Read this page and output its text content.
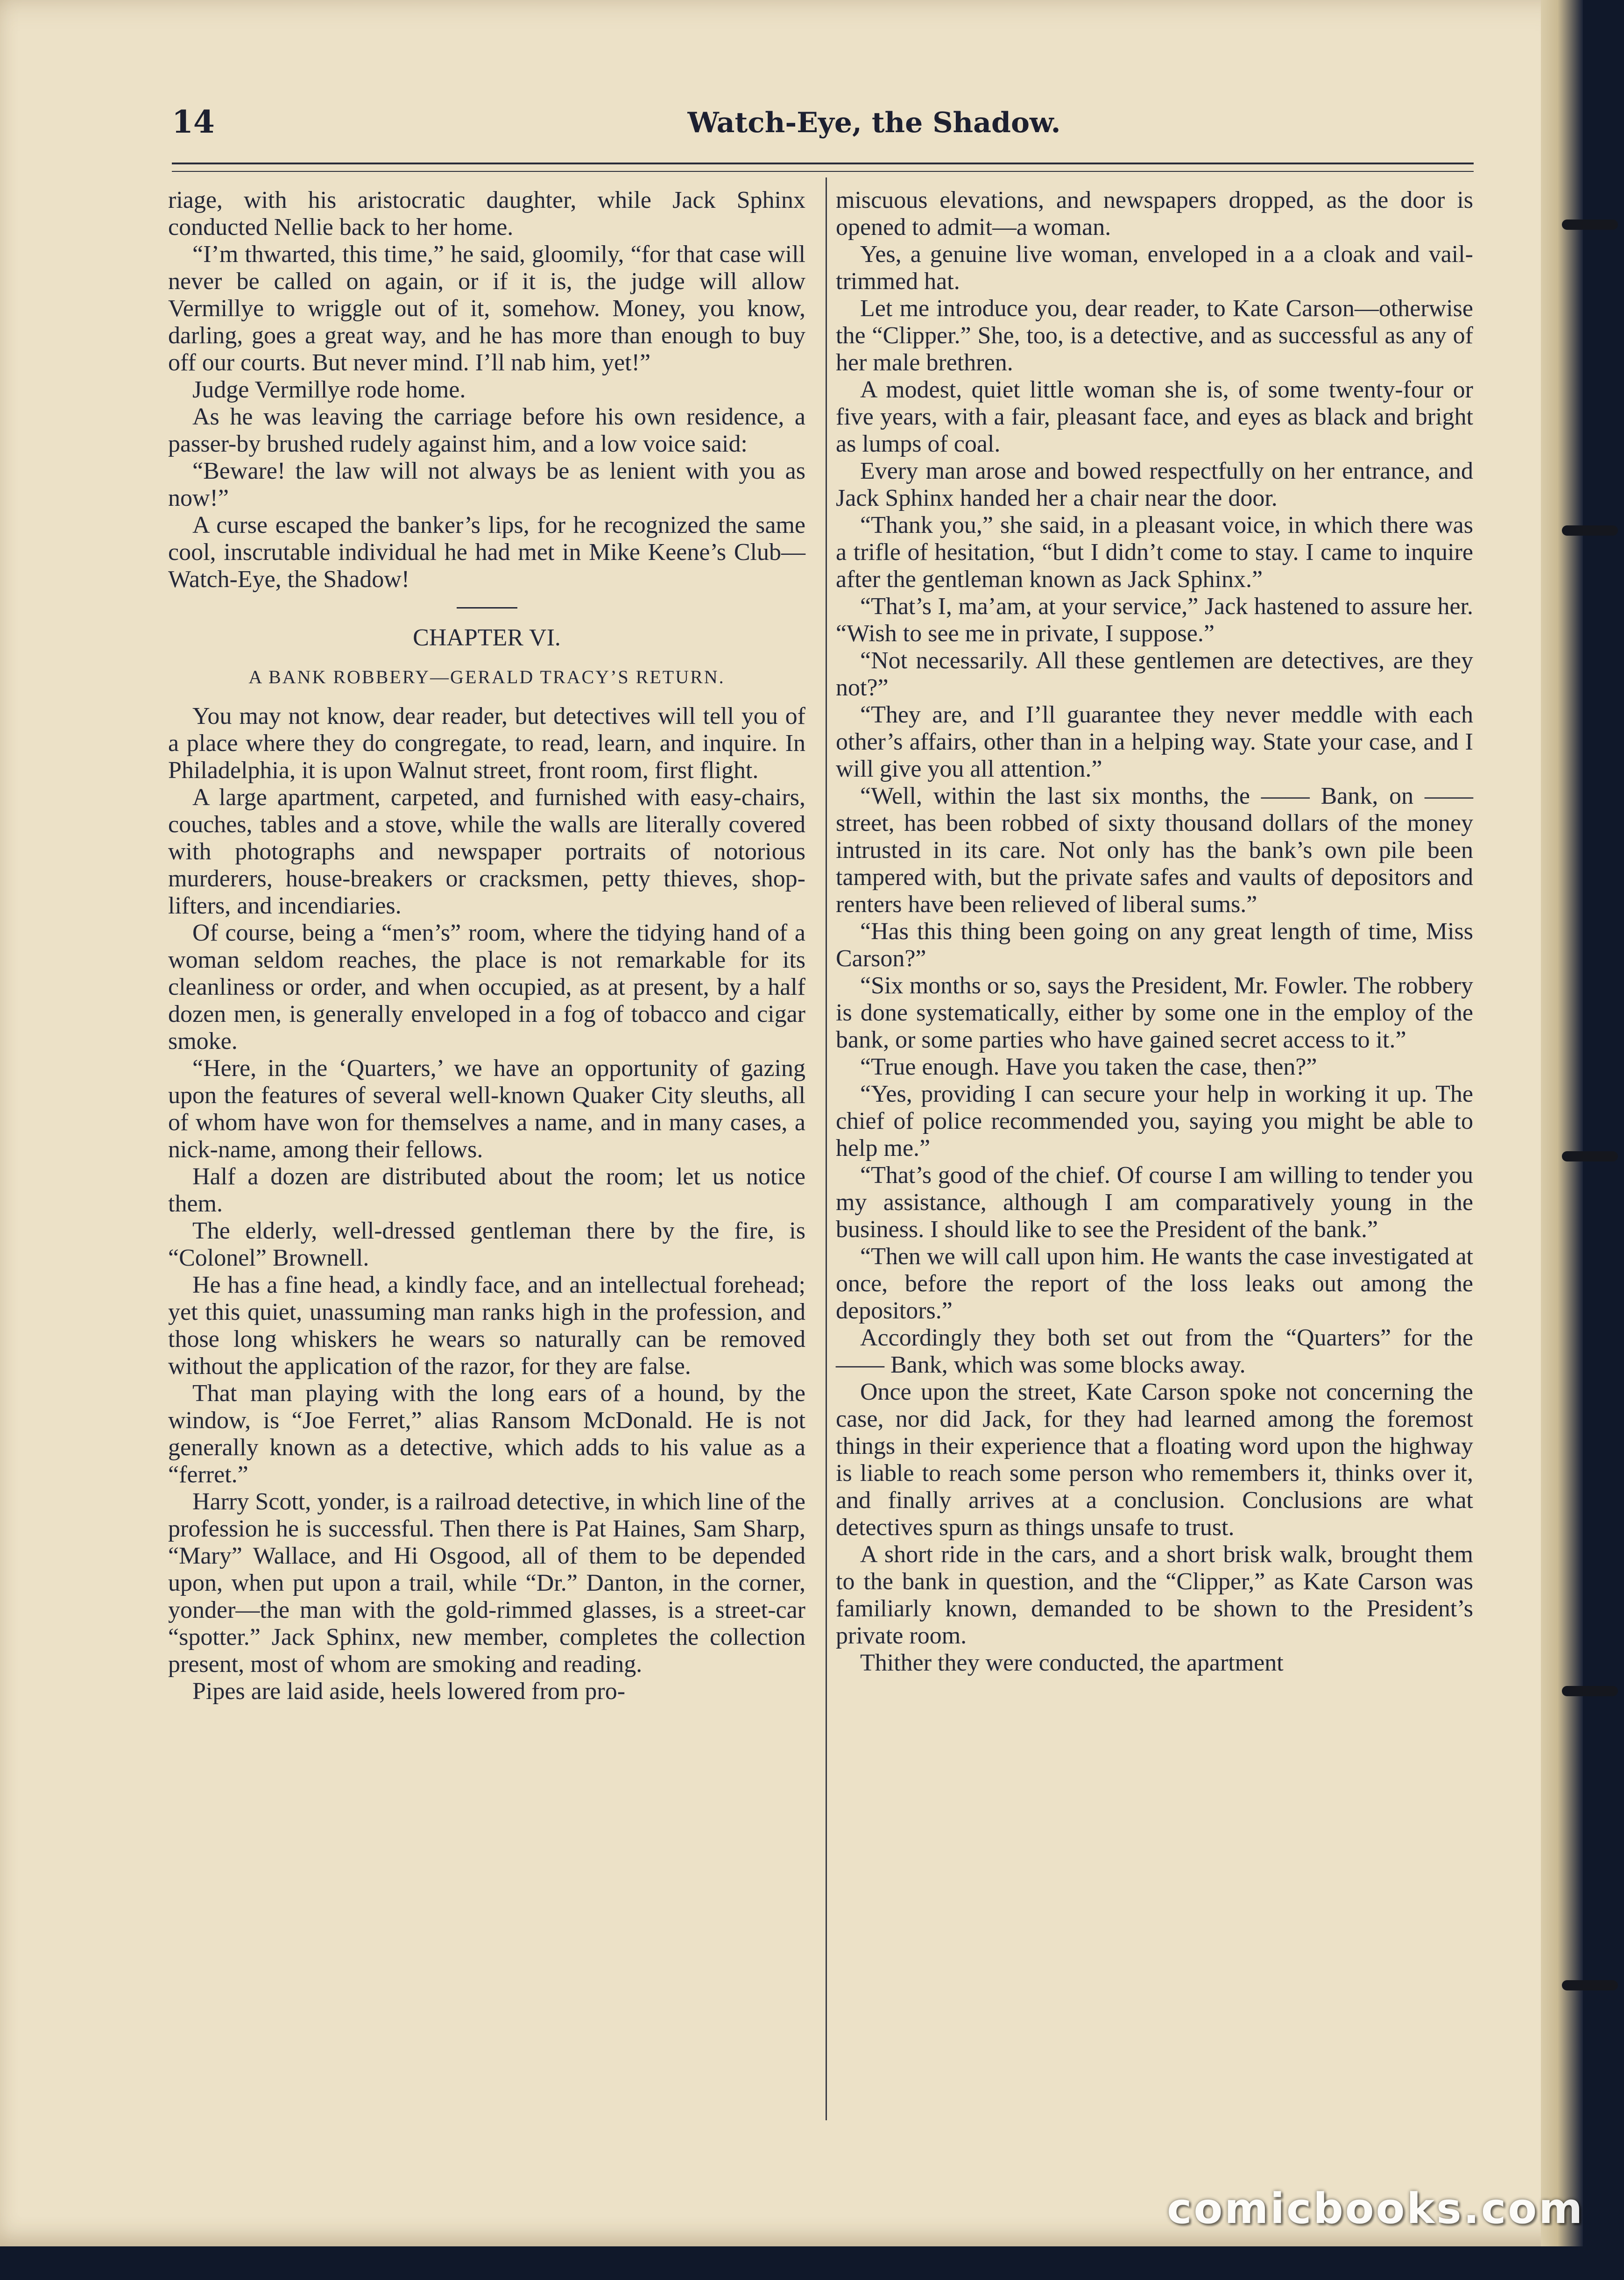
14	Watch-Eye, the Shadow.

riage, with his aristocratic daughter, while Jack Sphinx conducted Nellie back to her home.

“I’m thwarted, this time,” he said, gloomily, “for that case will never be called on again, or if it is, the judge will allow Vermillye to wriggle out of it, somehow. Money, you know, darling, goes a great way, and he has more than enough to buy off our courts. But never mind. I’ll nab him, yet!”

Judge Vermillye rode home.

As he was leaving the carriage before his own residence, a passer-by brushed rudely against him, and a low voice said:

“Beware! the law will not always be as lenient with you as now!”

A curse escaped the banker’s lips, for he recognized the same cool, inscrutable individual he had met in Mike Keene’s Club—Watch-Eye, the Shadow!

CHAPTER VI.

A BANK ROBBERY—GERALD TRACY’S RETURN.

You may not know, dear reader, but detectives will tell you of a place where they do congregate, to read, learn, and inquire. In Philadelphia, it is upon Walnut street, front room, first flight.

A large apartment, carpeted, and furnished with easy-chairs, couches, tables and a stove, while the walls are literally covered with photographs and newspaper portraits of notorious murderers, house-breakers or cracksmen, petty thieves, shop-lifters, and incendiaries.

Of course, being a “men’s” room, where the tidying hand of a woman seldom reaches, the place is not remarkable for its cleanliness or order, and when occupied, as at present, by a half dozen men, is generally enveloped in a fog of tobacco and cigar smoke.

“Here, in the ‘Quarters,’ we have an opportunity of gazing upon the features of several well-known Quaker City sleuths, all of whom have won for themselves a name, and in many cases, a nick-name, among their fellows.

Half a dozen are distributed about the room; let us notice them.

The elderly, well-dressed gentleman there by the fire, is “Colonel” Brownell.

He has a fine head, a kindly face, and an intellectual forehead; yet this quiet, unassuming man ranks high in the profession, and those long whiskers he wears so naturally can be removed without the application of the razor, for they are false.

That man playing with the long ears of a hound, by the window, is “Joe Ferret,” alias Ransom McDonald. He is not generally known as a detective, which adds to his value as a “ferret.”

Harry Scott, yonder, is a railroad detective, in which line of the profession he is successful. Then there is Pat Haines, Sam Sharp, “Mary” Wallace, and Hi Osgood, all of them to be depended upon, when put upon a trail, while “Dr.” Danton, in the corner, yonder—the man with the gold-rimmed glasses, is a street-car “spotter.” Jack Sphinx, new member, completes the collection present, most of whom are smoking and reading.

Pipes are laid aside, heels lowered from pro-

miscuous elevations, and newspapers dropped, as the door is opened to admit—a woman.

Yes, a genuine live woman, enveloped in a a cloak and vail-trimmed hat.

Let me introduce you, dear reader, to Kate Carson—otherwise the “Clipper.” She, too, is a detective, and as successful as any of her male brethren.

A modest, quiet little woman she is, of some twenty-four or five years, with a fair, pleasant face, and eyes as black and bright as lumps of coal.

Every man arose and bowed respectfully on her entrance, and Jack Sphinx handed her a chair near the door.

“Thank you,” she said, in a pleasant voice, in which there was a trifle of hesitation, “but I didn’t come to stay. I came to inquire after the gentleman known as Jack Sphinx.”

“That’s I, ma’am, at your service,” Jack hastened to assure her. “Wish to see me in private, I suppose.”

“Not necessarily. All these gentlemen are detectives, are they not?”

“They are, and I’ll guarantee they never meddle with each other’s affairs, other than in a helping way. State your case, and I will give you all attention.”

“Well, within the last six months, the —— Bank, on —— street, has been robbed of sixty thousand dollars of the money intrusted in its care. Not only has the bank’s own pile been tampered with, but the private safes and vaults of depositors and renters have been relieved of liberal sums.”

“Has this thing been going on any great length of time, Miss Carson?”

“Six months or so, says the President, Mr. Fowler. The robbery is done systematically, either by some one in the employ of the bank, or some parties who have gained secret access to it.”

“True enough. Have you taken the case, then?”

“Yes, providing I can secure your help in working it up. The chief of police recommended you, saying you might be able to help me.”

“That’s good of the chief. Of course I am willing to tender you my assistance, although I am comparatively young in the business. I should like to see the President of the bank.”

“Then we will call upon him. He wants the case investigated at once, before the report of the loss leaks out among the depositors.”

Accordingly they both set out from the “Quarters” for the —— Bank, which was some blocks away.

Once upon the street, Kate Carson spoke not concerning the case, nor did Jack, for they had learned among the foremost things in their experience that a floating word upon the highway is liable to reach some person who remembers it, thinks over it, and finally arrives at a conclusion. Conclusions are what detectives spurn as things unsafe to trust.

A short ride in the cars, and a short brisk walk, brought them to the bank in question, and the “Clipper,” as Kate Carson was familiarly known, demanded to be shown to the President’s private room.

Thither they were conducted, the apartment

comicbooks.com
